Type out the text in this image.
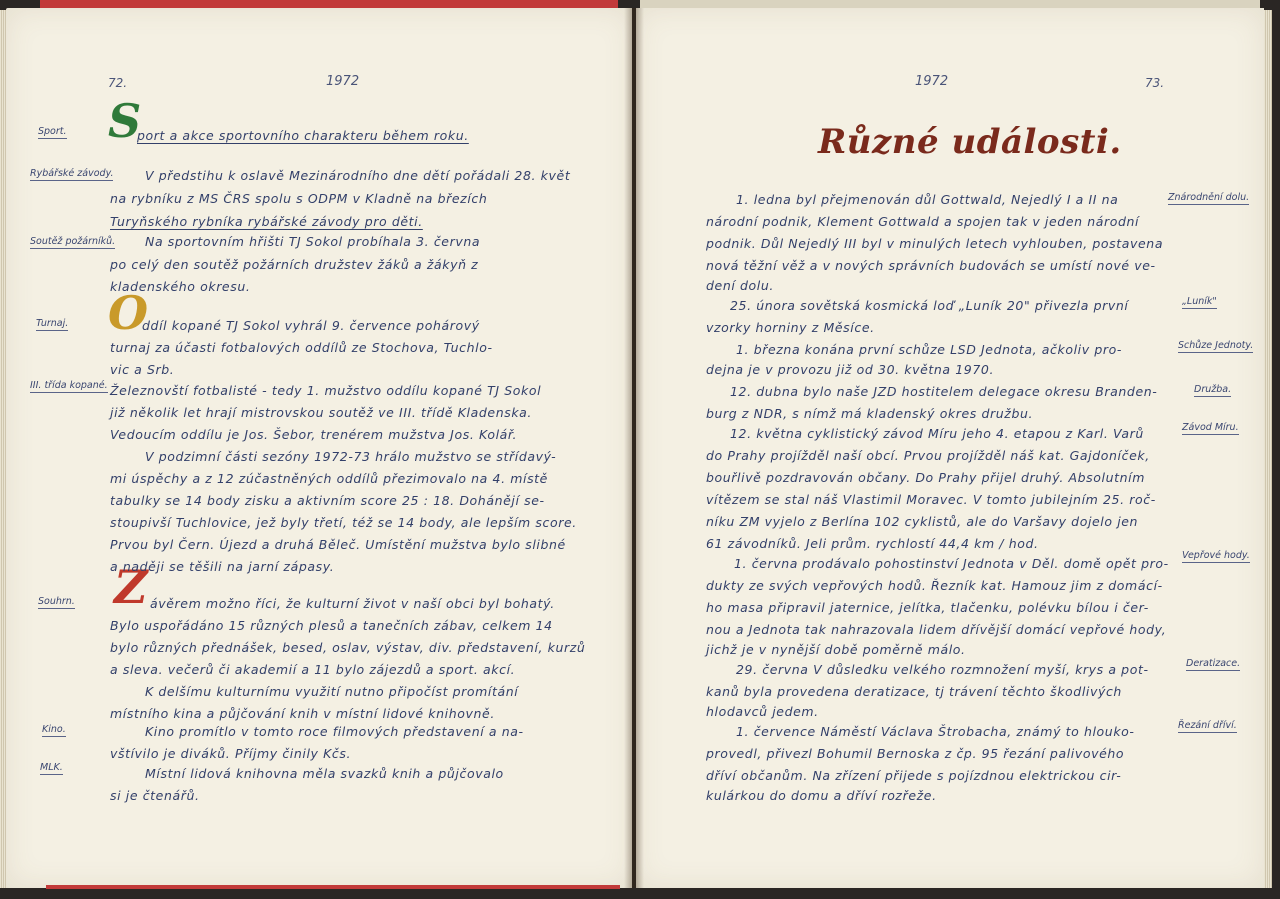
72.	1972
S
O
Z
Sport.
Rybářské závody.
Soutěž požárníků.
Turnaj.
III. třída kopané.
Souhrn.
Kino.
MLK.
port a akce sportovního charakteru během roku.
V předstihu k oslavě Mezinárodního dne dětí pořádali 28. květ
na rybníku z MS ČRS spolu s ODPM v Kladně na březích
Turyňského rybníka rybářské závody pro děti.
Na sportovním hřišti TJ Sokol probíhala 3. června
po celý den soutěž požárních družstev žáků a žákyň z
kladenského okresu.
ddíl kopané TJ Sokol vyhrál 9. července pohárový
turnaj za účasti fotbalových oddílů ze Stochova, Tuchlo-
vic a Srb.
Železnovští fotbalisté - tedy 1. mužstvo oddílu kopané TJ Sokol
již několik let hrají mistrovskou soutěž ve III. třídě Kladenska.
Vedoucím oddílu je Jos. Šebor, trenérem mužstva Jos. Kolář.
V podzimní části sezóny 1972-73 hrálo mužstvo se střídavý-
mi úspěchy a z 12 zúčastněných oddílů přezimovalo na 4. místě
tabulky se 14 body zisku a aktivním score 25 : 18. Dohánějí se-
stoupivší Tuchlovice, jež byly třetí, též se 14 body, ale lepším score.
Prvou byl Čern. Újezd a druhá Běleč. Umístění mužstva bylo slibné
a naději se těšili na jarní zápasy.
ávěrem možno říci, že kulturní život v naší obci byl bohatý.
Bylo uspořádáno 15 různých plesů a tanečních zábav, celkem 14
bylo různých přednášek, besed, oslav, výstav, div. představení, kurzů
a sleva. večerů či akademií a 11 bylo zájezdů a sport. akcí.
K delšímu kulturnímu využití nutno připočíst promítání
místního kina a půjčování knih v místní lidové knihovně.
Kino promítlo v tomto roce filmových představení a na-
vštívilo je diváků. Příjmy činily Kčs.
Místní lidová knihovna měla svazků knih a půjčovalo
si je čtenářů.
1972	73.
Různé události.
Znárodnění dolu.
„Luník"
Schůze Jednoty.
Družba.
Závod Míru.
Vepřové hody.
Deratizace.
Řezání dříví.
1. ledna byl přejmenován důl Gottwald, Nejedlý I a II na
národní podnik, Klement Gottwald a spojen tak v jeden národní
podnik. Důl Nejedlý III byl v minulých letech vyhlouben, postavena
nová těžní věž a v nových správních budovách se umístí nové ve-
dení dolu.
25. února sovětská kosmická loď „Luník 20" přivezla první
vzorky horniny z Měsíce.
1. března konána první schůze LSD Jednota, ačkoliv pro-
dejna je v provozu již od 30. května 1970.
12. dubna bylo naše JZD hostitelem delegace okresu Branden-
burg z NDR, s nímž má kladenský okres družbu.
12. května cyklistický závod Míru jeho 4. etapou z Karl. Varů
do Prahy projížděl naší obcí. Prvou projížděl náš kat. Gajdoníček,
bouřlivě pozdravován občany. Do Prahy přijel druhý. Absolutním
vítězem se stal náš Vlastimil Moravec. V tomto jubilejním 25. roč-
níku ZM vyjelo z Berlína 102 cyklistů, ale do Varšavy dojelo jen
61 závodníků. Jeli prům. rychlostí 44,4 km / hod.
1. června prodávalo pohostinství Jednota v Děl. domě opět pro-
dukty ze svých vepřových hodů. Řezník kat. Hamouz jim z domácí-
ho masa připravil jaternice, jelítka, tlačenku, polévku bílou i čer-
nou a Jednota tak nahrazovala lidem dřívější domácí vepřové hody,
jichž je v nynější době poměrně málo.
29. června V důsledku velkého rozmnožení myší, krys a pot-
kanů byla provedena deratizace, tj trávení těchto škodlivých
hlodavců jedem.
1. července Náměstí Václava Štrobacha, známý to hlouko-
provedl, přivezl Bohumil Bernoska z čp. 95 řezání palivového
dříví občanům. Na zřízení přijede s pojízdnou elektrickou cir-
kulárkou do domu a dříví rozřeže.
